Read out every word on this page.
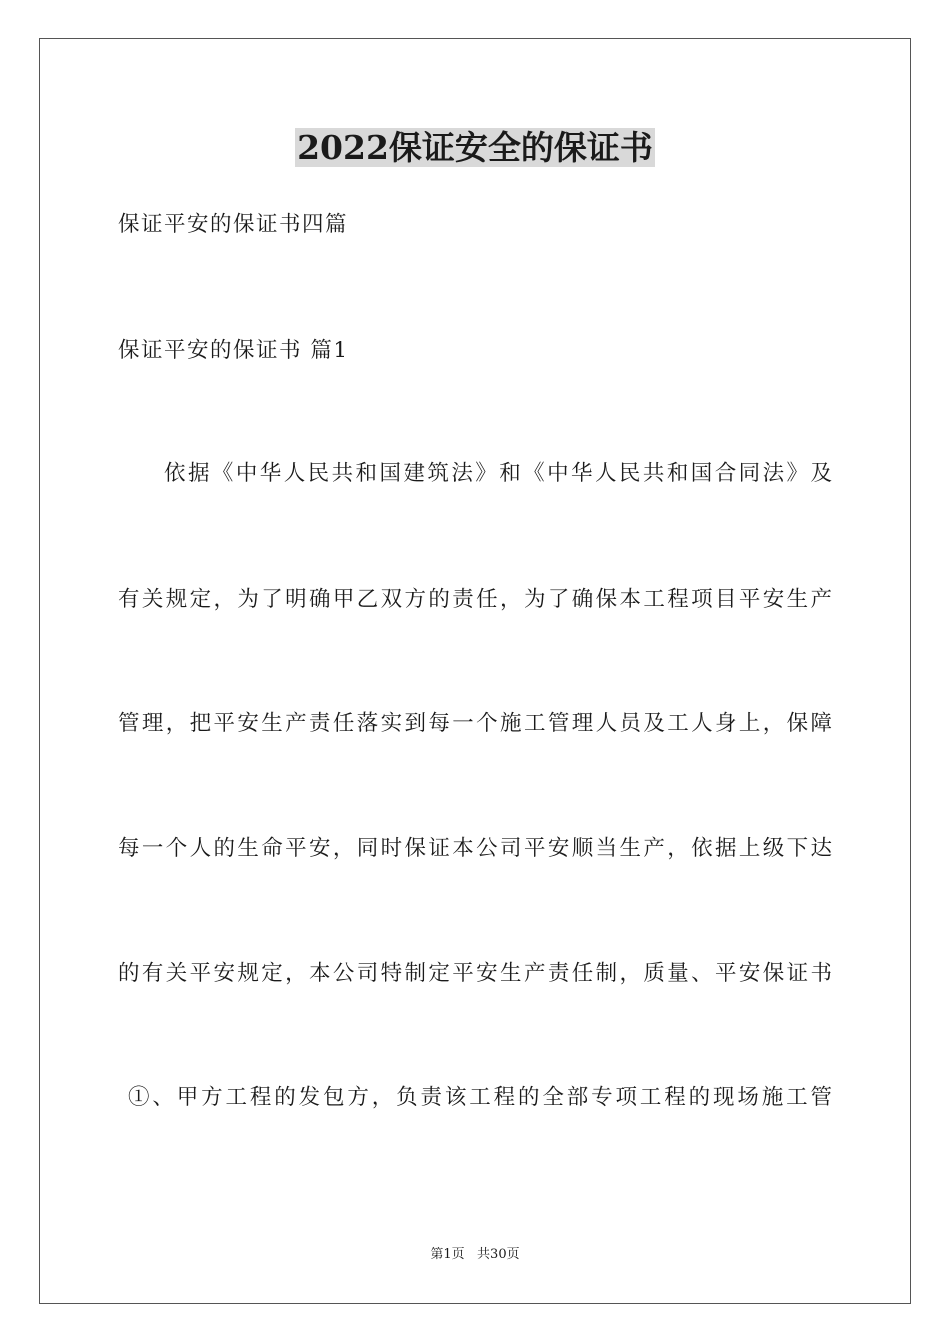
2022保证安全的保证书

保证平安的保证书四篇

保证平安的保证书 篇1

依据《中华人民共和国建筑法》和《中华人民共和国合同法》及

有关规定，为了明确甲乙双方的责任，为了确保本工程项目平安生产

管理，把平安生产责任落实到每一个施工管理人员及工人身上，保障

每一个人的生命平安，同时保证本公司平安顺当生产，依据上级下达

的有关平安规定，本公司特制定平安生产责任制，质量、平安保证书

①、甲方工程的发包方，负责该工程的全部专项工程的现场施工管

第1页   共30页
